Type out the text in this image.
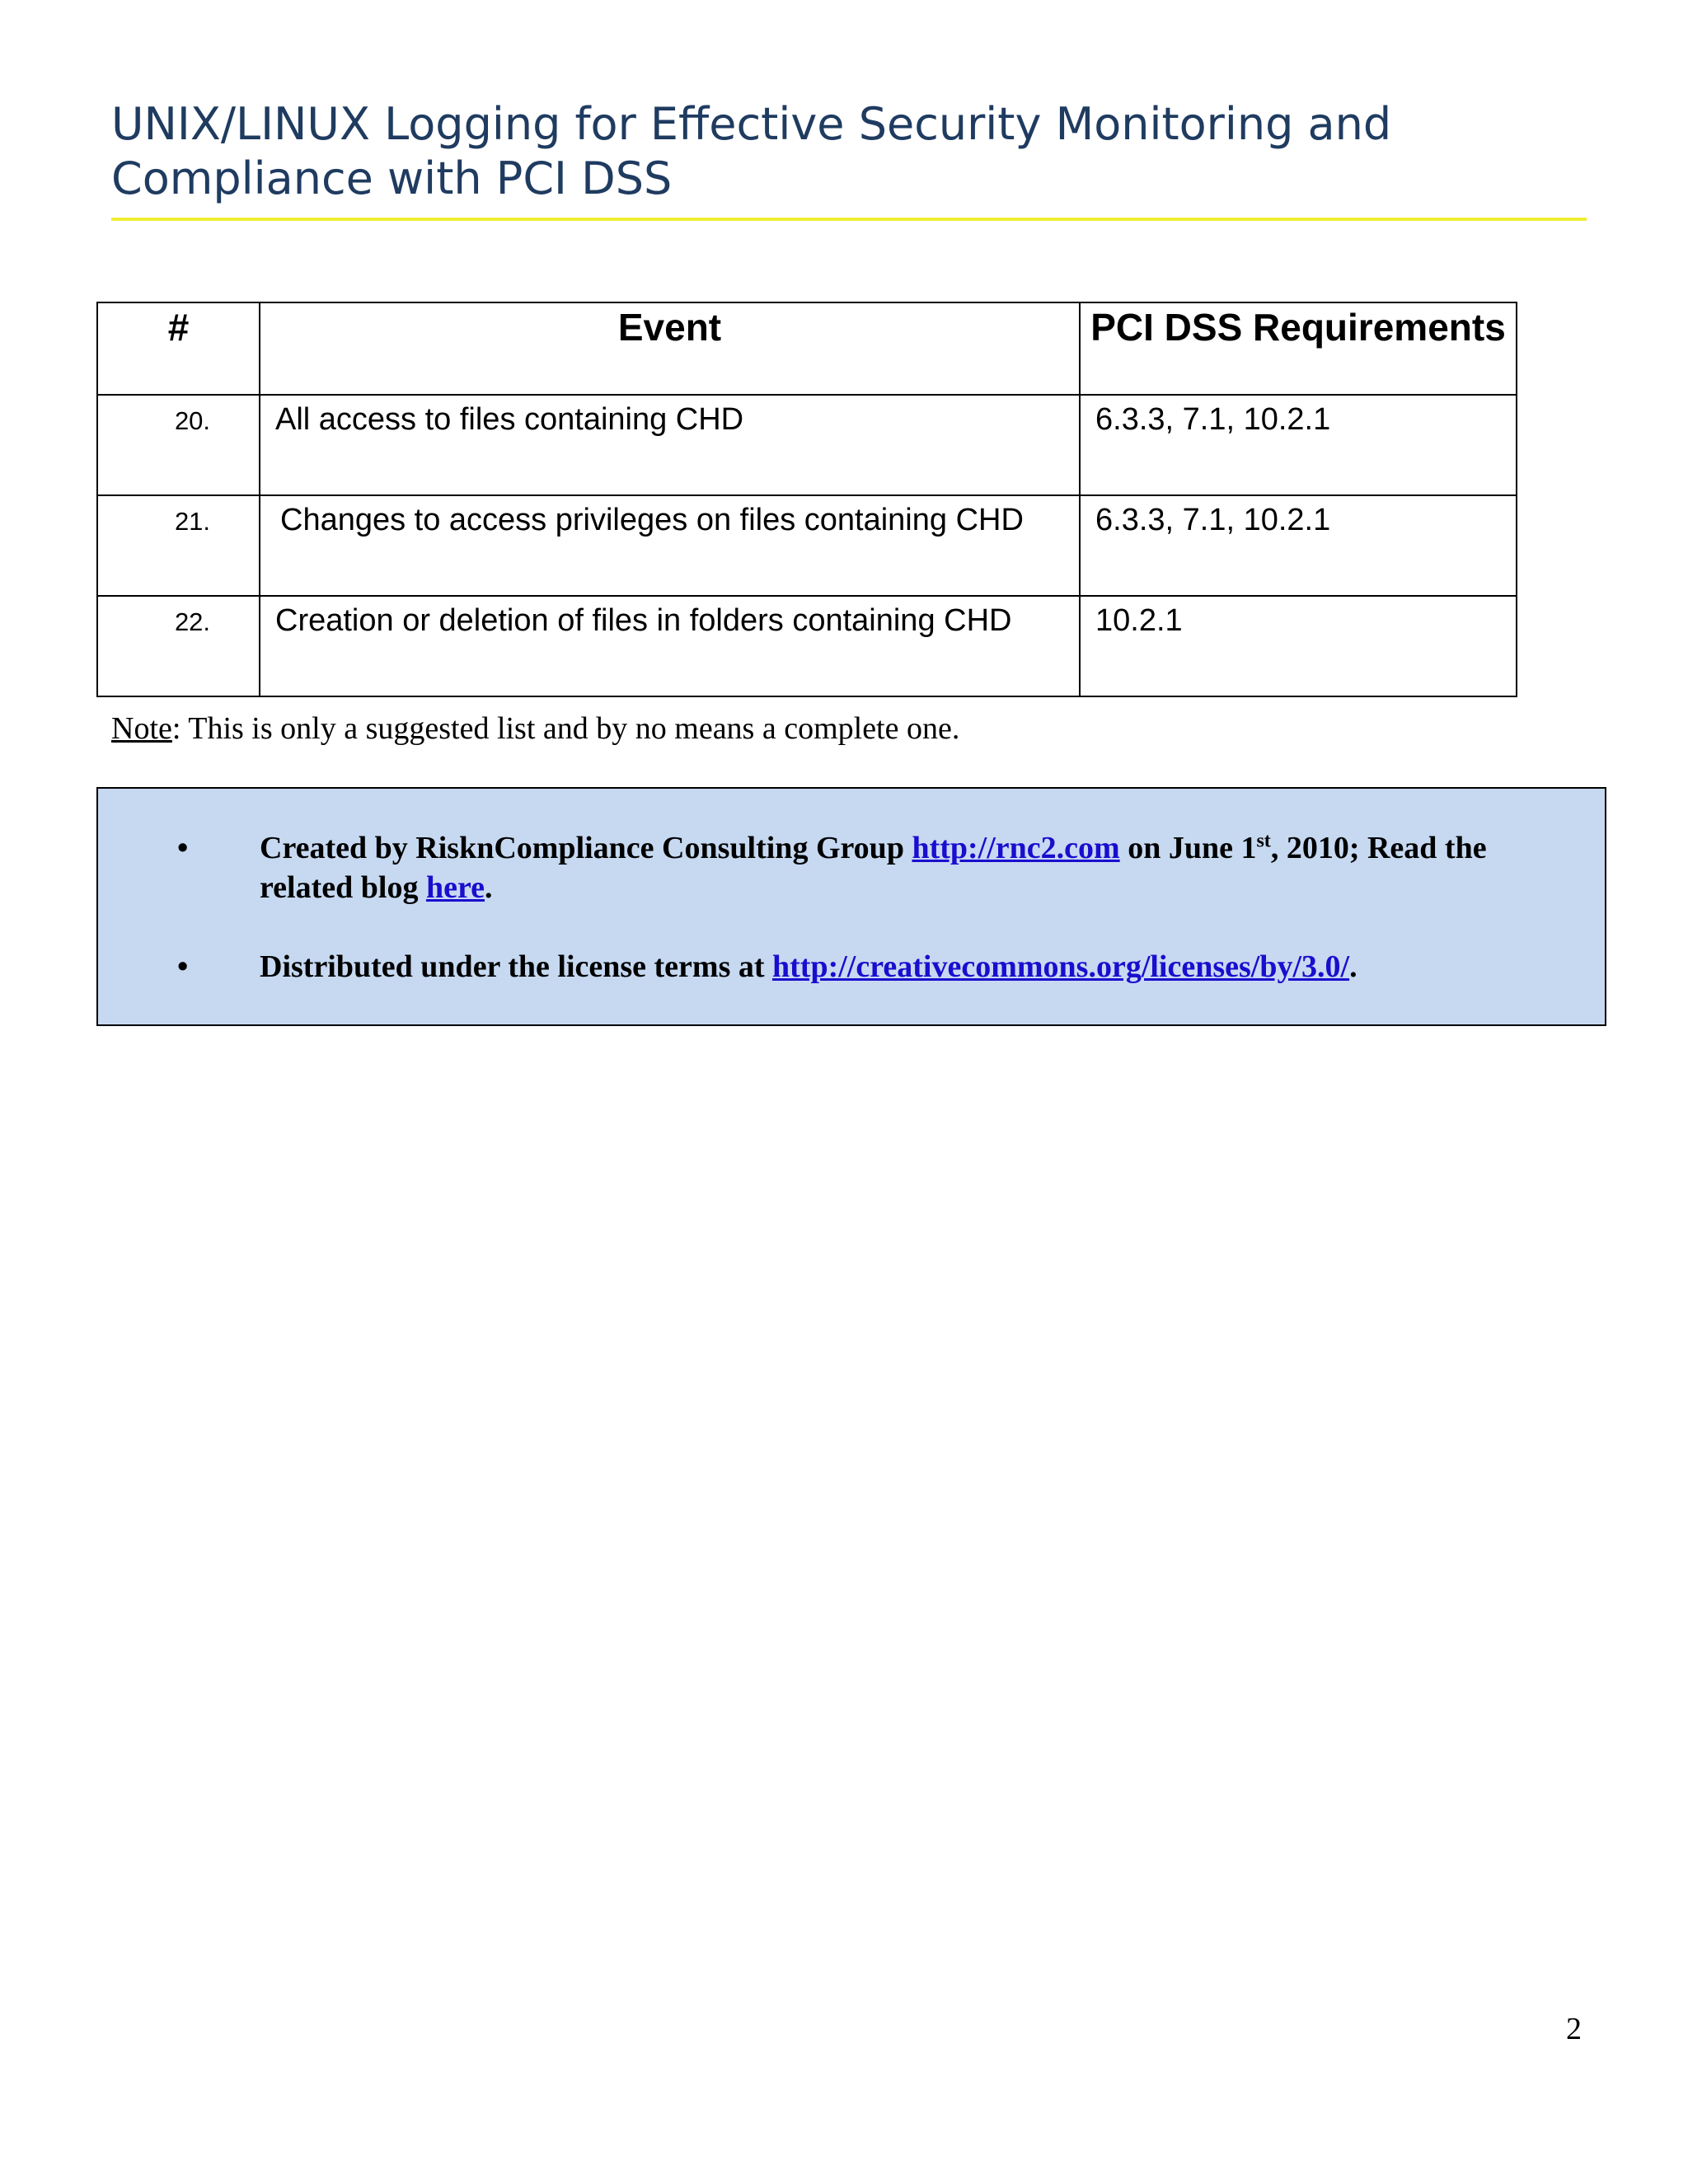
UNIX/LINUX Logging for Effective Security Monitoring and
Compliance with PCI DSS
#	Event	PCI DSS Requirements
20.	All access to files containing CHD	6.3.3, 7.1, 10.2.1
21.	Changes to access privileges on files containing CHD	6.3.3, 7.1, 10.2.1
22.	Creation or deletion of files in folders containing CHD	10.2.1

Note: This is only a suggested list and by no means a complete one.

• Created by RisknCompliance Consulting Group http://rnc2.com on June 1st, 2010; Read the related blog here.
• Distributed under the license terms at http://creativecommons.org/licenses/by/3.0/.
2
